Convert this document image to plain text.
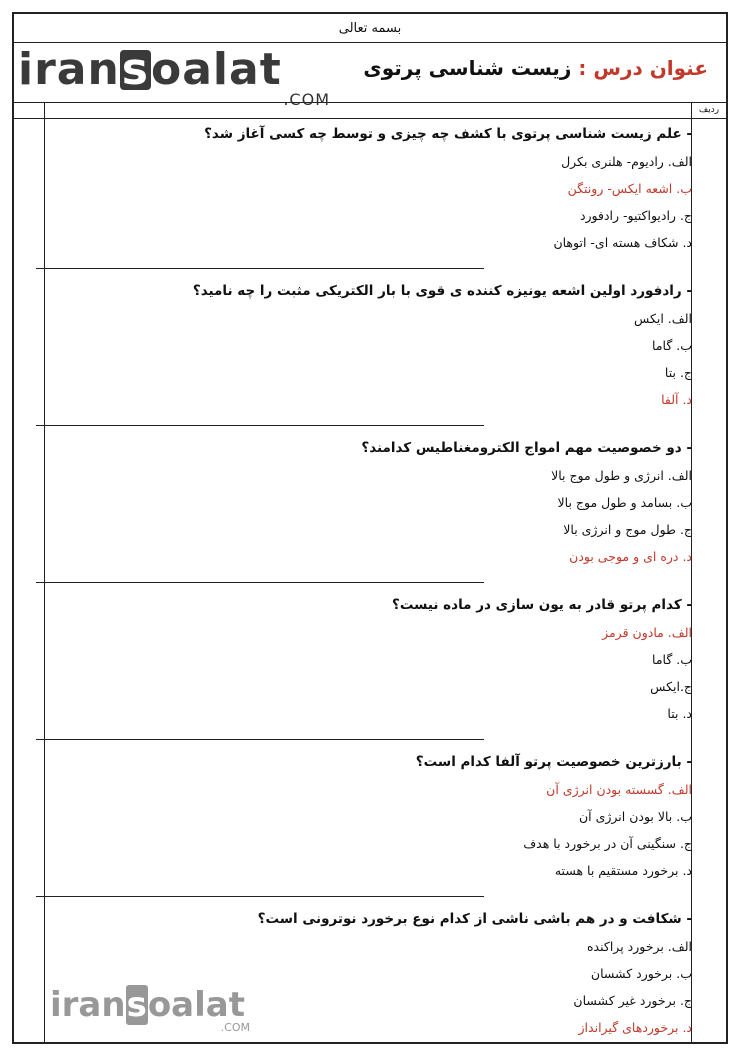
بسمه تعالی
iransoalat
.COM
عنوان درس : زیست شناسی پرتوی
ردیف
- علم زیست شناسی پرتوی با کشف چه چیزی و توسط چه کسی آغاز شد؟
الف. رادیوم- هلنری بکرل
ب. اشعه ایکس- رونتگن
ج. رادیواکتیو- رادفورد
د. شکاف هسته ای- اتوهان
- رادفورد اولین اشعه یونیزه کننده ی قوی با بار الکتریکی مثبت را چه نامید؟
الف. ایکس
ب. گاما
ج. بتا
د. آلفا
- دو خصوصیت مهم امواج الکترومغناطیس کدامند؟
الف. انرژی و طول موج بالا
ب. بسامد و طول موج بالا
ج. طول موج و انرژی بالا
د. دره ای و موجی بودن
- کدام پرتو قادر به یون سازی در ماده نیست؟
الف. مادون قرمز
ب. گاما
ج.ایکس
د. بتا
- بارزترین خصوصیت پرتو آلفا کدام است؟
الف. گسسته بودن انرژی آن
ب. بالا بودن انرژی آن
ج. سنگینی آن در برخورد با هدف
د. برخورد مستقیم با هسته
- شکافت و در هم باشی ناشی از کدام نوع برخورد نوترونی است؟
الف. برخورد پراکنده
ب. برخورد کشسان
ج. برخورد غیر کشسان
د. برخوردهای گیرانداز
iransoalat
.COM
